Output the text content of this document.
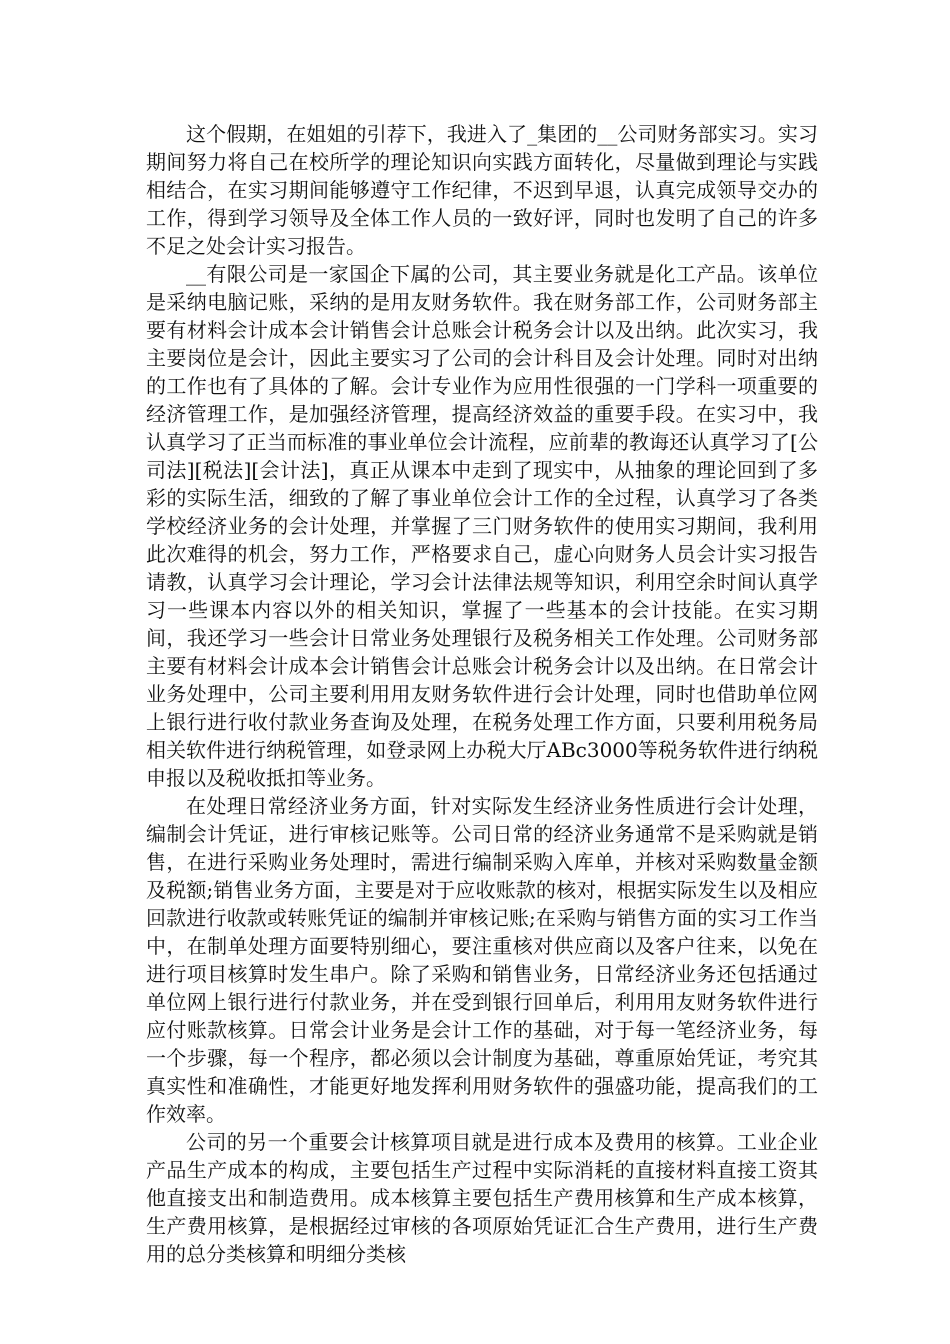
这个假期，在姐姐的引荐下，我进入了_集团的__公司财务部实习。实习期间努力将自己在校所学的理论知识向实践方面转化，尽量做到理论与实践相结合，在实习期间能够遵守工作纪律，不迟到早退，认真完成领导交办的工作，得到学习领导及全体工作人员的一致好评，同时也发明了自己的许多不足之处会计实习报告。

__有限公司是一家国企下属的公司，其主要业务就是化工产品。该单位是采纳电脑记账，采纳的是用友财务软件。我在财务部工作，公司财务部主要有材料会计成本会计销售会计总账会计税务会计以及出纳。此次实习，我主要岗位是会计，因此主要实习了公司的会计科目及会计处理。同时对出纳的工作也有了具体的了解。会计专业作为应用性很强的一门学科一项重要的经济管理工作，是加强经济管理，提高经济效益的重要手段。在实习中，我认真学习了正当而标准的事业单位会计流程，应前辈的教诲还认真学习了[公司法][税法][会计法]，真正从课本中走到了现实中，从抽象的理论回到了多彩的实际生活，细致的了解了事业单位会计工作的全过程，认真学习了各类学校经济业务的会计处理，并掌握了三门财务软件的使用实习期间，我利用此次难得的机会，努力工作，严格要求自己，虚心向财务人员会计实习报告请教，认真学习会计理论，学习会计法律法规等知识，利用空余时间认真学习一些课本内容以外的相关知识，掌握了一些基本的会计技能。在实习期间，我还学习一些会计日常业务处理银行及税务相关工作处理。公司财务部主要有材料会计成本会计销售会计总账会计税务会计以及出纳。在日常会计业务处理中，公司主要利用用友财务软件进行会计处理，同时也借助单位网上银行进行收付款业务查询及处理，在税务处理工作方面，只要利用税务局相关软件进行纳税管理，如登录网上办税大厅ABc3000等税务软件进行纳税申报以及税收抵扣等业务。

在处理日常经济业务方面，针对实际发生经济业务性质进行会计处理，编制会计凭证，进行审核记账等。公司日常的经济业务通常不是采购就是销售，在进行采购业务处理时，需进行编制采购入库单，并核对采购数量金额及税额;销售业务方面，主要是对于应收账款的核对，根据实际发生以及相应回款进行收款或转账凭证的编制并审核记账;在采购与销售方面的实习工作当中，在制单处理方面要特别细心，要注重核对供应商以及客户往来，以免在进行项目核算时发生串户。除了采购和销售业务，日常经济业务还包括通过单位网上银行进行付款业务，并在受到银行回单后，利用用友财务软件进行应付账款核算。日常会计业务是会计工作的基础，对于每一笔经济业务，每一个步骤，每一个程序，都必须以会计制度为基础，尊重原始凭证，考究其真实性和准确性，才能更好地发挥利用财务软件的强盛功能，提高我们的工作效率。

公司的另一个重要会计核算项目就是进行成本及费用的核算。工业企业产品生产成本的构成，主要包括生产过程中实际消耗的直接材料直接工资其他直接支出和制造费用。成本核算主要包括生产费用核算和生产成本核算，生产费用核算，是根据经过审核的各项原始凭证汇合生产费用，进行生产费用的总分类核算和明细分类核
